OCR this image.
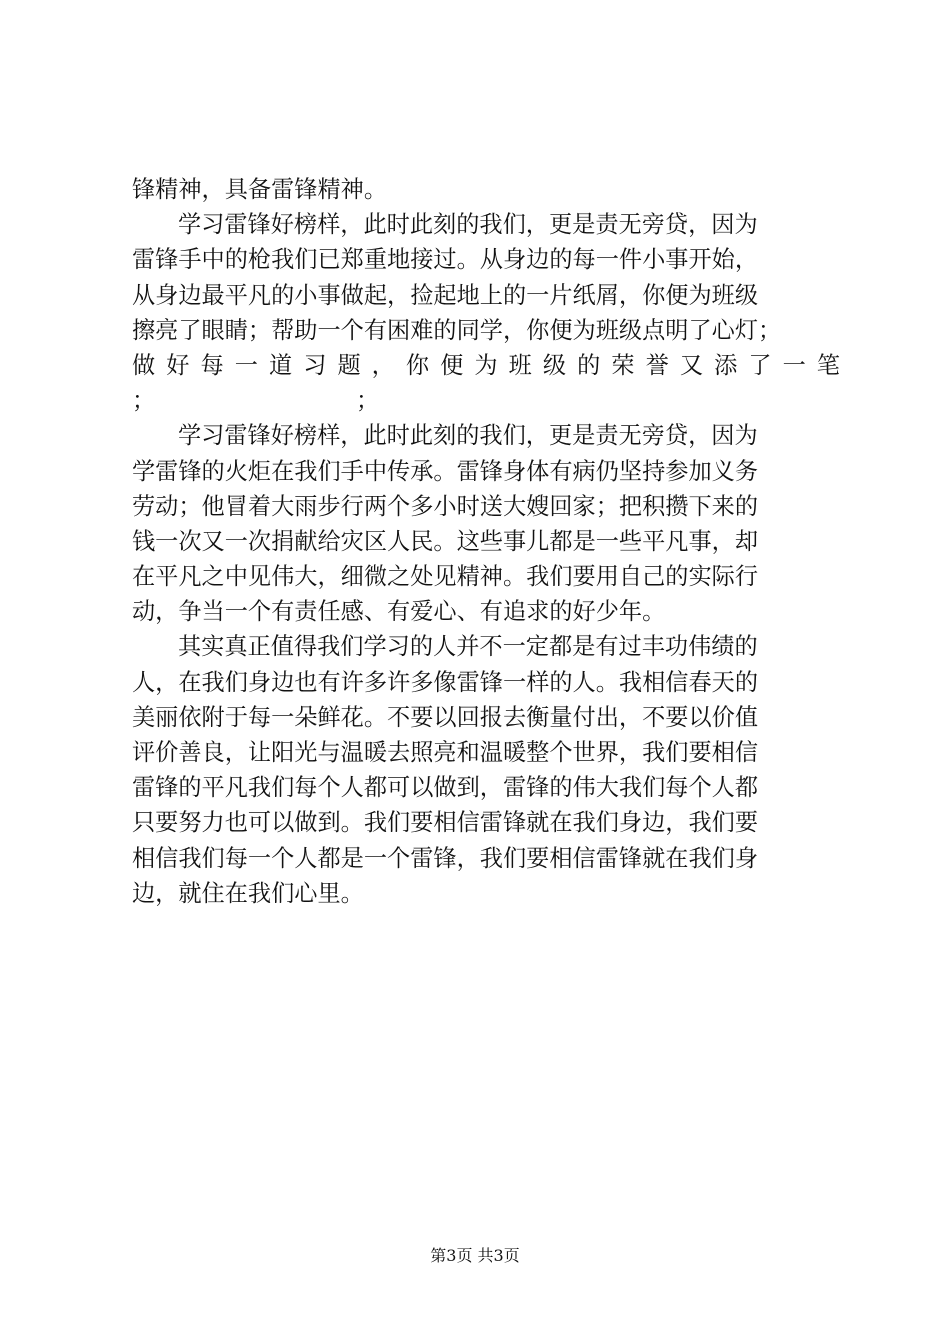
锋精神，具备雷锋精神。
学习雷锋好榜样，此时此刻的我们，更是责无旁贷，因为
雷锋手中的枪我们已郑重地接过。从身边的每一件小事开始，
从身边最平凡的小事做起，捡起地上的一片纸屑，你便为班级
擦亮了眼睛；帮助一个有困难的同学，你便为班级点明了心灯；
做好每一道习题，你便为班级的荣誉又添了一笔
；	；
学习雷锋好榜样，此时此刻的我们，更是责无旁贷，因为
学雷锋的火炬在我们手中传承。雷锋身体有病仍坚持参加义务
劳动；他冒着大雨步行两个多小时送大嫂回家；把积攒下来的
钱一次又一次捐献给灾区人民。这些事儿都是一些平凡事，却
在平凡之中见伟大，细微之处见精神。我们要用自己的实际行
动，争当一个有责任感、有爱心、有追求的好少年。
其实真正值得我们学习的人并不一定都是有过丰功伟绩的
人，在我们身边也有许多许多像雷锋一样的人。我相信春天的
美丽依附于每一朵鲜花。不要以回报去衡量付出，不要以价值
评价善良，让阳光与温暖去照亮和温暖整个世界，我们要相信
雷锋的平凡我们每个人都可以做到，雷锋的伟大我们每个人都
只要努力也可以做到。我们要相信雷锋就在我们身边，我们要
相信我们每一个人都是一个雷锋，我们要相信雷锋就在我们身
边，就住在我们心里。
第3页 共3页
